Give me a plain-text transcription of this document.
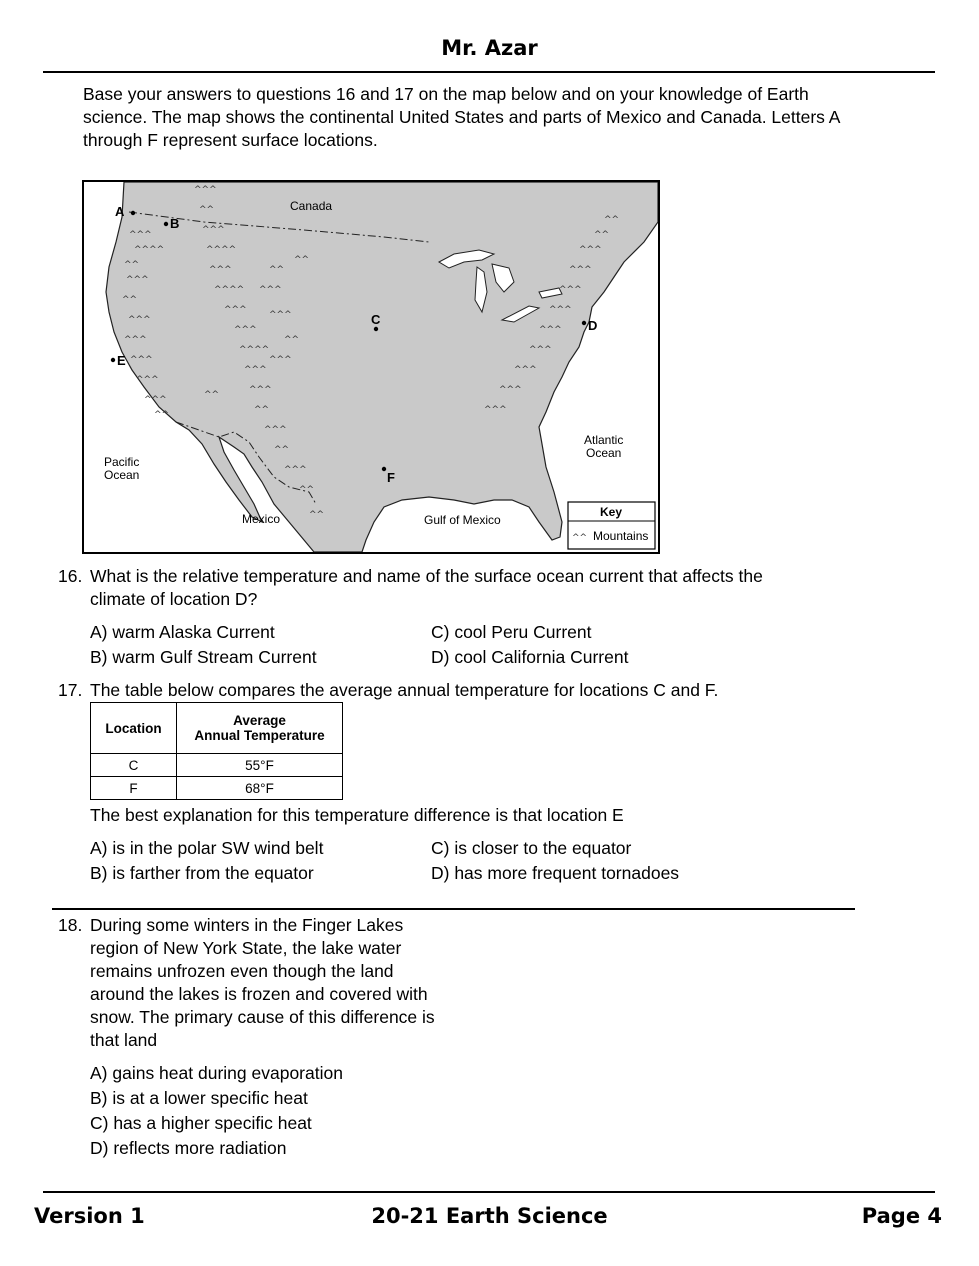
Mr. Azar
Base your answers to questions 16 and 17 on the map below and on your knowledge of Earth science. The map shows the continental United States and parts of Mexico and Canada. Letters A through F represent surface locations.
^^^
^^^^
^^
^^^
^^
^^^
^^^
^^^
^^^
^^^
^^
^^^
^^
^^^
^^^^
^^^
^^^^
^^^
^^^
^^^^
^^^
^^^
^^
^^^
^^
^^^
^^
^^
^^
^^
^^^
^^^
^^
^^^
^^
^^^
^^^
^^^
^^^
^^^
^^^
^^^
^^^
^^^
^^
^^
Canada
Pacific
Ocean
Atlantic
Ocean
Mexico	Gulf of Mexico
A
B
C	D
E
F
Key
^^ Mountains
16. What is the relative temperature and name of the surface ocean current that affects the
climate of location D?
A) warm Alaska Current
B) warm Gulf Stream Current
C) cool Peru Current
D) cool California Current
17. The table below compares the average annual temperature for locations C and F.
Location	Average
Annual Temperature

C	55°F
F	68°F
The best explanation for this temperature difference is that location E
A) is in the polar SW wind belt
B) is farther from the equator
C) is closer to the equator
D) has more frequent tornadoes
18. During some winters in the Finger Lakes
region of New York State, the lake water
remains unfrozen even though the land
around the lakes is frozen and covered with
snow. The primary cause of this difference is
that land
A) gains heat during evaporation
B) is at a lower specific heat
C) has a higher specific heat
D) reflects more radiation
Version 1	20-21 Earth Science	Page 4
